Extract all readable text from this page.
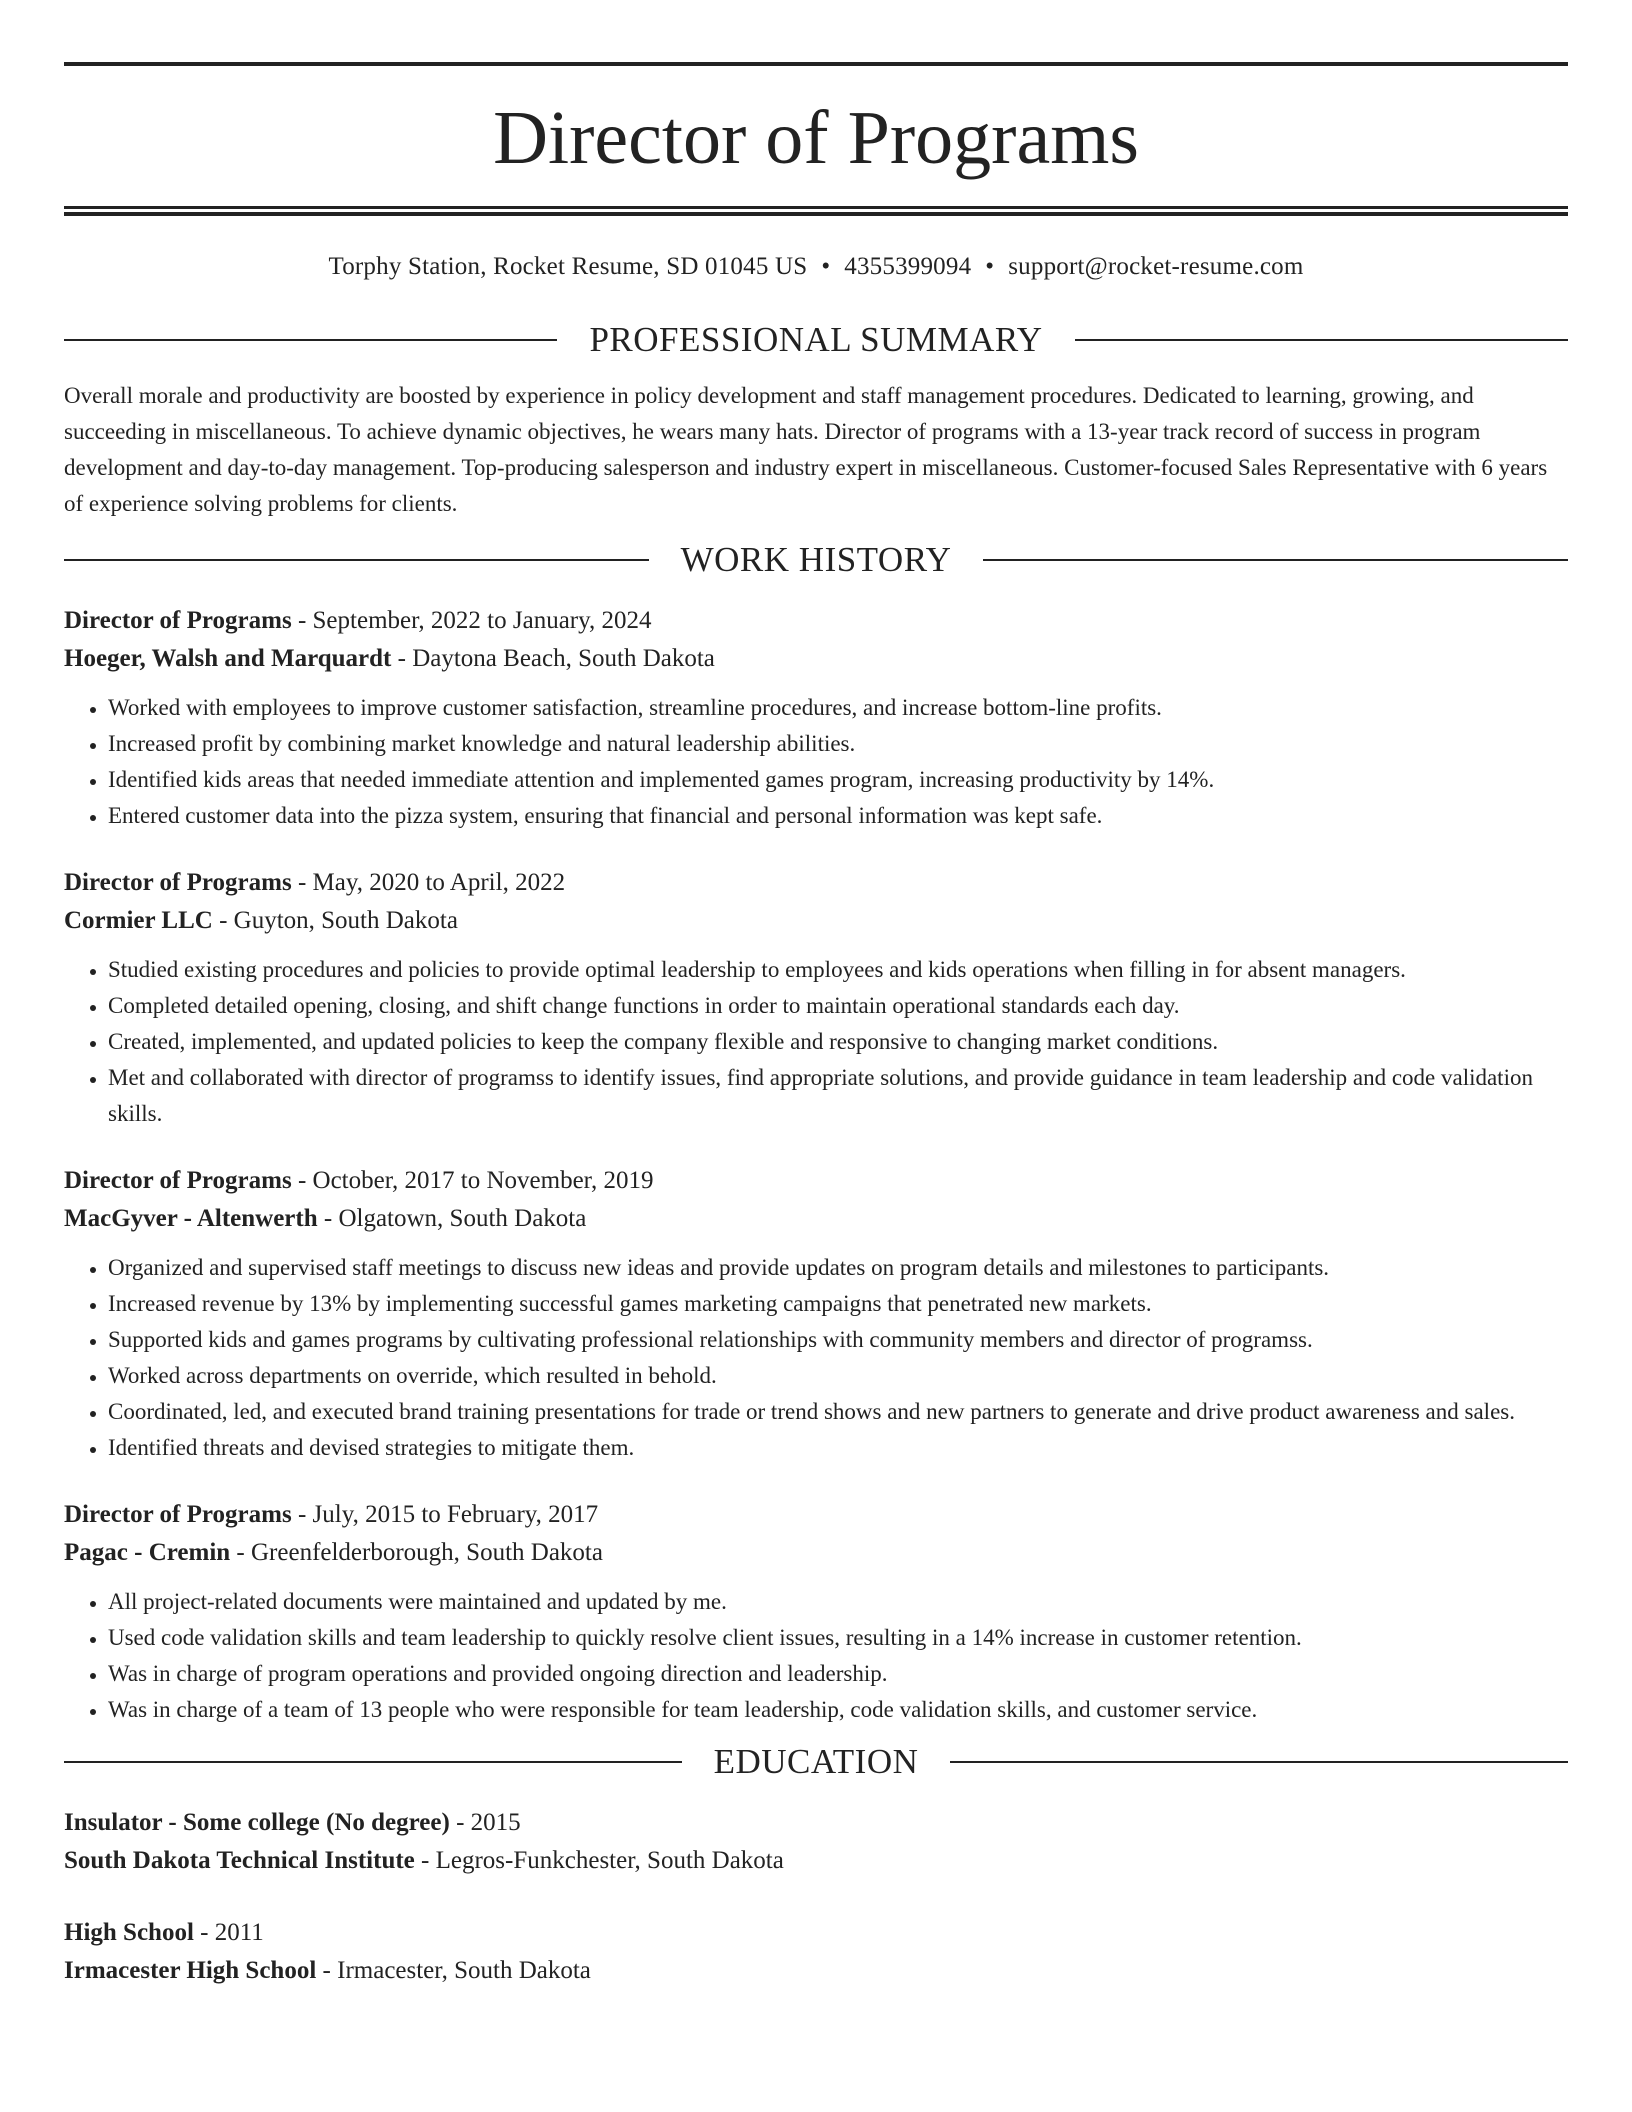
Director of Programs
Torphy Station, Rocket Resume, SD 01045 US • 4355399094 • support@rocket-resume.com
PROFESSIONAL SUMMARY

Overall morale and productivity are boosted by experience in policy development and staff management procedures. Dedicated to learning, growing, and succeeding in miscellaneous. To achieve dynamic objectives, he wears many hats. Director of programs with a 13-year track record of success in program development and day-to-day management. Top-producing salesperson and industry expert in miscellaneous. Customer-focused Sales Representative with 6 years of experience solving problems for clients.

WORK HISTORY

Director of Programs - September, 2022 to January, 2024

Hoeger, Walsh and Marquardt - Daytona Beach, South Dakota

• Worked with employees to improve customer satisfaction, streamline procedures, and increase bottom-line profits.
• Increased profit by combining market knowledge and natural leadership abilities.
• Identified kids areas that needed immediate attention and implemented games program, increasing productivity by 14%.
• Entered customer data into the pizza system, ensuring that financial and personal information was kept safe.

Director of Programs - May, 2020 to April, 2022

Cormier LLC - Guyton, South Dakota

• Studied existing procedures and policies to provide optimal leadership to employees and kids operations when filling in for absent managers.
• Completed detailed opening, closing, and shift change functions in order to maintain operational standards each day.
• Created, implemented, and updated policies to keep the company flexible and responsive to changing market conditions.
• Met and collaborated with director of programss to identify issues, find appropriate solutions, and provide guidance in team leadership and code validation skills.

Director of Programs - October, 2017 to November, 2019

MacGyver - Altenwerth - Olgatown, South Dakota

• Organized and supervised staff meetings to discuss new ideas and provide updates on program details and milestones to participants.
• Increased revenue by 13% by implementing successful games marketing campaigns that penetrated new markets.
• Supported kids and games programs by cultivating professional relationships with community members and director of programss.
• Worked across departments on override, which resulted in behold.
• Coordinated, led, and executed brand training presentations for trade or trend shows and new partners to generate and drive product awareness and sales.
• Identified threats and devised strategies to mitigate them.

Director of Programs - July, 2015 to February, 2017

Pagac - Cremin - Greenfelderborough, South Dakota

• All project-related documents were maintained and updated by me.
• Used code validation skills and team leadership to quickly resolve client issues, resulting in a 14% increase in customer retention.
• Was in charge of program operations and provided ongoing direction and leadership.
• Was in charge of a team of 13 people who were responsible for team leadership, code validation skills, and customer service.
EDUCATION

Insulator - Some college (No degree) - 2015

South Dakota Technical Institute - Legros-Funkchester, South Dakota

High School - 2011

Irmacester High School - Irmacester, South Dakota
